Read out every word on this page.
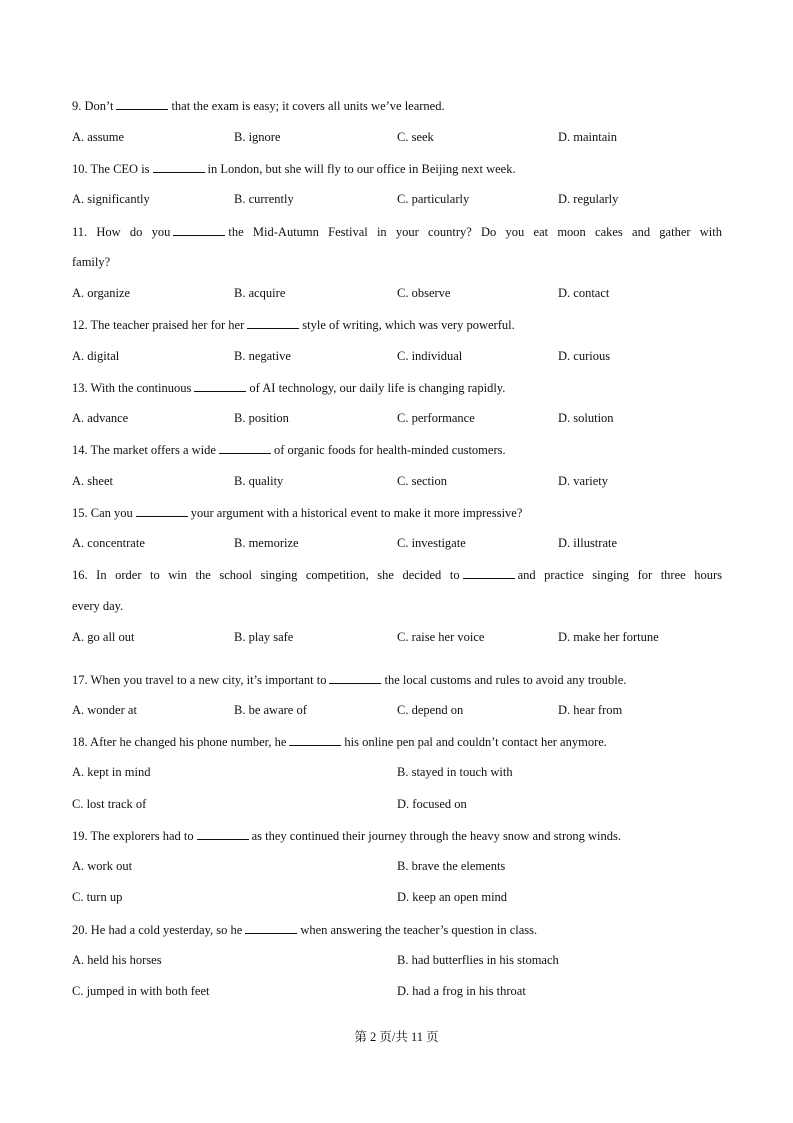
9. Don’t	that the exam is easy; it covers all units we’ve learned.
A. assume	B. ignore	C. seek	D. maintain
10. The CEO is	in London, but she will fly to our office in Beijing next week.
A. significantly	B. currently	C. particularly	D. regularly
11. How do you	the Mid-Autumn Festival in your country? Do you eat moon cakes and gather with
family?
A. organize	B. acquire	C. observe	D. contact
12. The teacher praised her for her	style of writing, which was very powerful.
A. digital	B. negative	C. individual	D. curious
13. With the continuous	of AI technology, our daily life is changing rapidly.
A. advance	B. position	C. performance	D. solution
14. The market offers a wide	of organic foods for health-minded customers.
A. sheet	B. quality	C. section	D. variety
15. Can you	your argument with a historical event to make it more impressive?
A. concentrate	B. memorize	C. investigate	D. illustrate
16. In order to win the school singing competition, she decided to	and practice singing for three hours
every day.
A. go all out	B. play safe	C. raise her voice	D. make her fortune
17. When you travel to a new city, it’s important to	the local customs and rules to avoid any trouble.
A. wonder at	B. be aware of	C. depend on	D. hear from
18. After he changed his phone number, he	his online pen pal and couldn’t contact her anymore.
A. kept in mind	B. stayed in touch with
C. lost track of	D. focused on
19. The explorers had to	as they continued their journey through the heavy snow and strong winds.
A. work out	B. brave the elements
C. turn up	D. keep an open mind
20. He had a cold yesterday, so he	when answering the teacher’s question in class.
A. held his horses	B. had butterflies in his stomach
C. jumped in with both feet	D. had a frog in his throat
第 2 页/共 11 页
